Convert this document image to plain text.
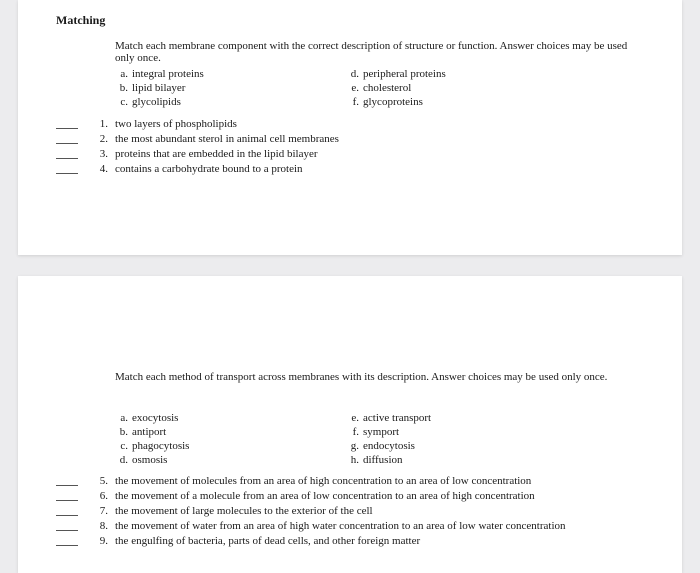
Matching
Match each membrane component with the correct description of structure or function. Answer choices may be used only once.
a. integral proteins
b. lipid bilayer
c. glycolipids
d. peripheral proteins
e. cholesterol
f. glycoproteins
1. two layers of phospholipids
2. the most abundant sterol in animal cell membranes
3. proteins that are embedded in the lipid bilayer
4. contains a carbohydrate bound to a protein
Match each method of transport across membranes with its description. Answer choices may be used only once.
a. exocytosis
b. antiport
c. phagocytosis
d. osmosis
e. active transport
f. symport
g. endocytosis
h. diffusion
5. the movement of molecules from an area of high concentration to an area of low concentration
6. the movement of a molecule from an area of low concentration to an area of high concentration
7. the movement of large molecules to the exterior of the cell
8. the movement of water from an area of high water concentration to an area of low water concentration
9. the engulfing of bacteria, parts of dead cells, and other foreign matter
